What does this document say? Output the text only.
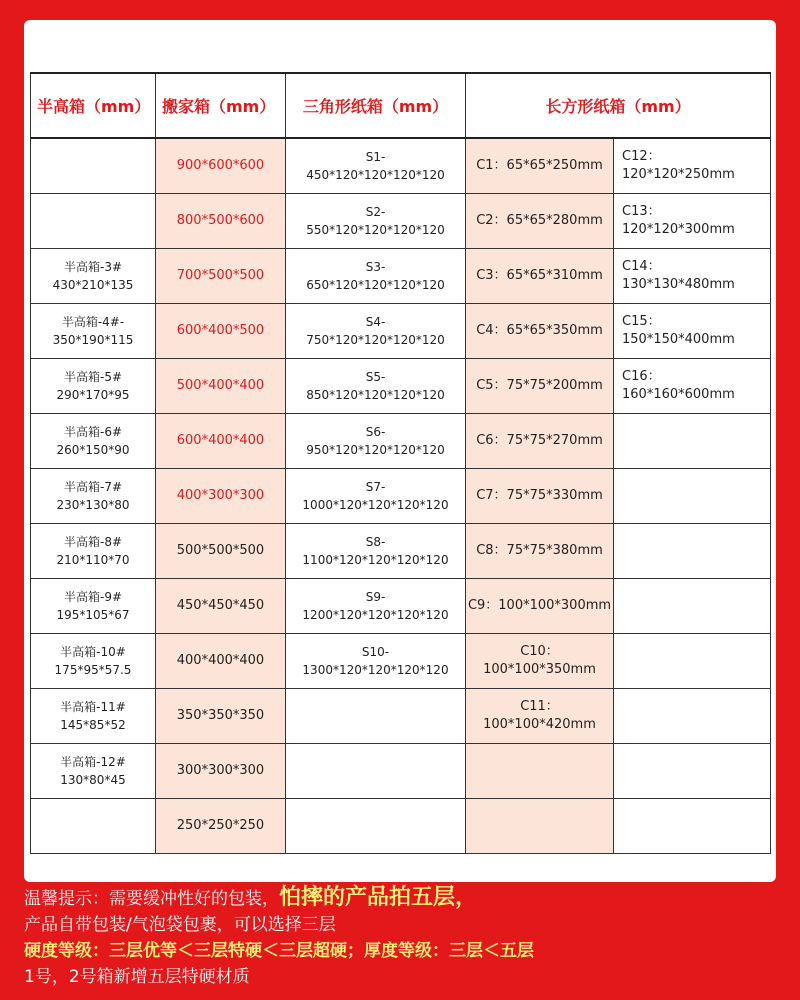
半高箱（mm）	搬家箱（mm）	三角形纸箱（mm）	长方形纸箱（mm）	

	900*600*600	S1-
450*120*120*120*120	C1：65*65*250mm	C12：120*120*250mm

	800*500*600	S2-
550*120*120*120*120	C2：65*65*280mm	C13：120*120*300mm

半高箱-3#
430*210*135	700*500*500	S3-
650*120*120*120*120	C3：65*65*310mm	C14：130*130*480mm

半高箱-4#-
350*190*115	600*400*500	S4-
750*120*120*120*120	C4：65*65*350mm	C15：150*150*400mm

半高箱-5#
290*170*95	500*400*400	S5-
850*120*120*120*120	C5：75*75*200mm	C16：160*160*600mm

半高箱-6#
260*150*90	600*400*400	S6-
950*120*120*120*120	C6：75*75*270mm	

半高箱-7#
230*130*80	400*300*300	S7-
1000*120*120*120*120	C7：75*75*330mm	

半高箱-8#
210*110*70	500*500*500	S8-
1100*120*120*120*120	C8：75*75*380mm	

半高箱-9#
195*105*67	450*450*450	S9-
1200*120*120*120*120	C9：100*100*300mm	

半高箱-10#
175*95*57.5	400*400*400	S10-
1300*120*120*120*120	C10：100*100*350mm	

半高箱-11#
145*85*52	350*350*350		C11：100*100*420mm	

半高箱-12#
130*80*45	300*300*300	

	250*250*250	

温馨提示：需要缓冲性好的包装，怕摔的产品拍五层，
产品自带包装/气泡袋包裹，可以选择三层
硬度等级：三层优等＜三层特硬＜三层超硬；厚度等级：三层＜五层
1号，2号箱新增五层特硬材质
